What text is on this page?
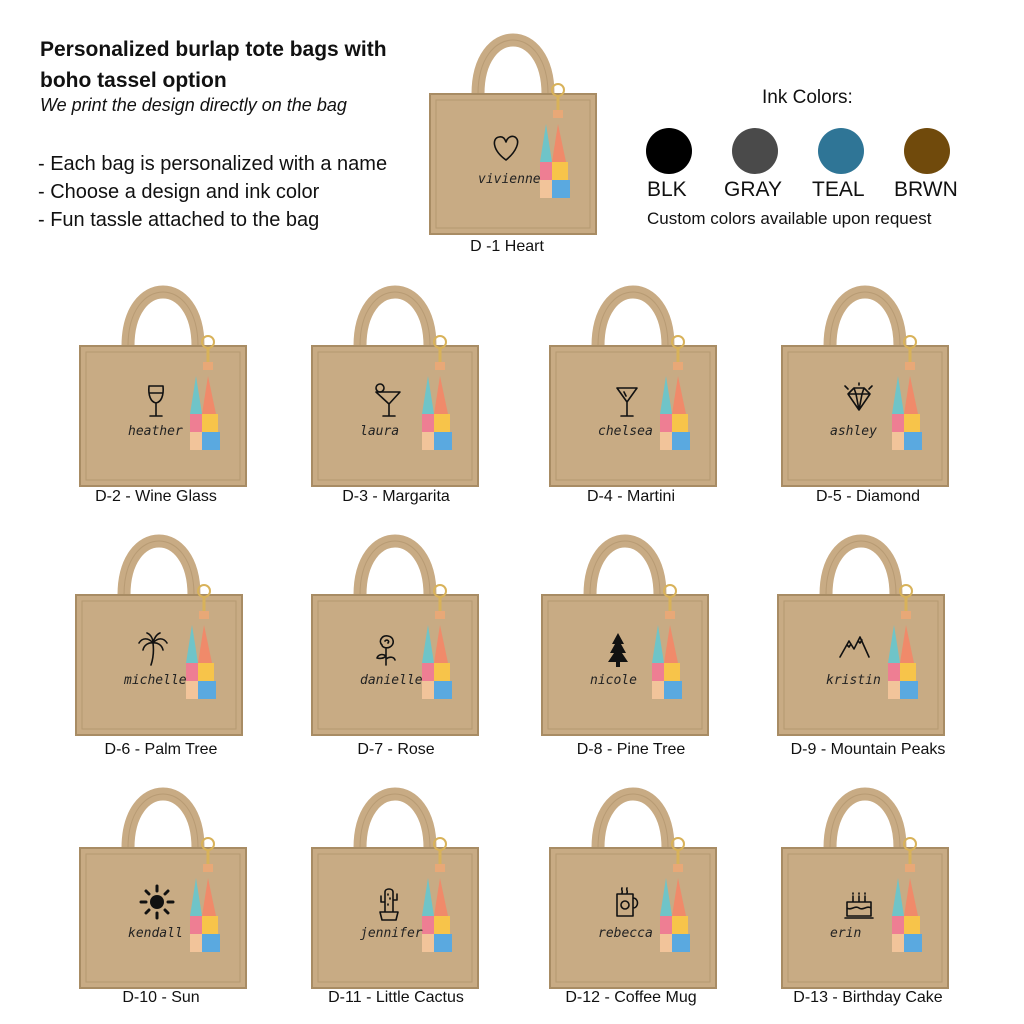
Personalized burlap tote bags with boho tassel option
We print the design directly on the bag
- Each bag is personalized with a name
- Choose a design and ink color
- Fun tassle attached to the bag
Ink Colors:
BLK GRAY TEAL BRWN
Custom colors available upon request
vivienne
D -1 Heart
heather
D-2 - Wine Glass
laura
D-3 - Margarita
chelsea
D-4 - Martini
ashley
D-5 - Diamond
michelle
D-6 - Palm Tree
danielle
D-7 - Rose
nicole
D-8 - Pine Tree
kristin
D-9 - Mountain Peaks
kendall
D-10 - Sun
jennifer
D-11 - Little Cactus
rebecca
D-12 - Coffee Mug
erin
D-13 - Birthday Cake
